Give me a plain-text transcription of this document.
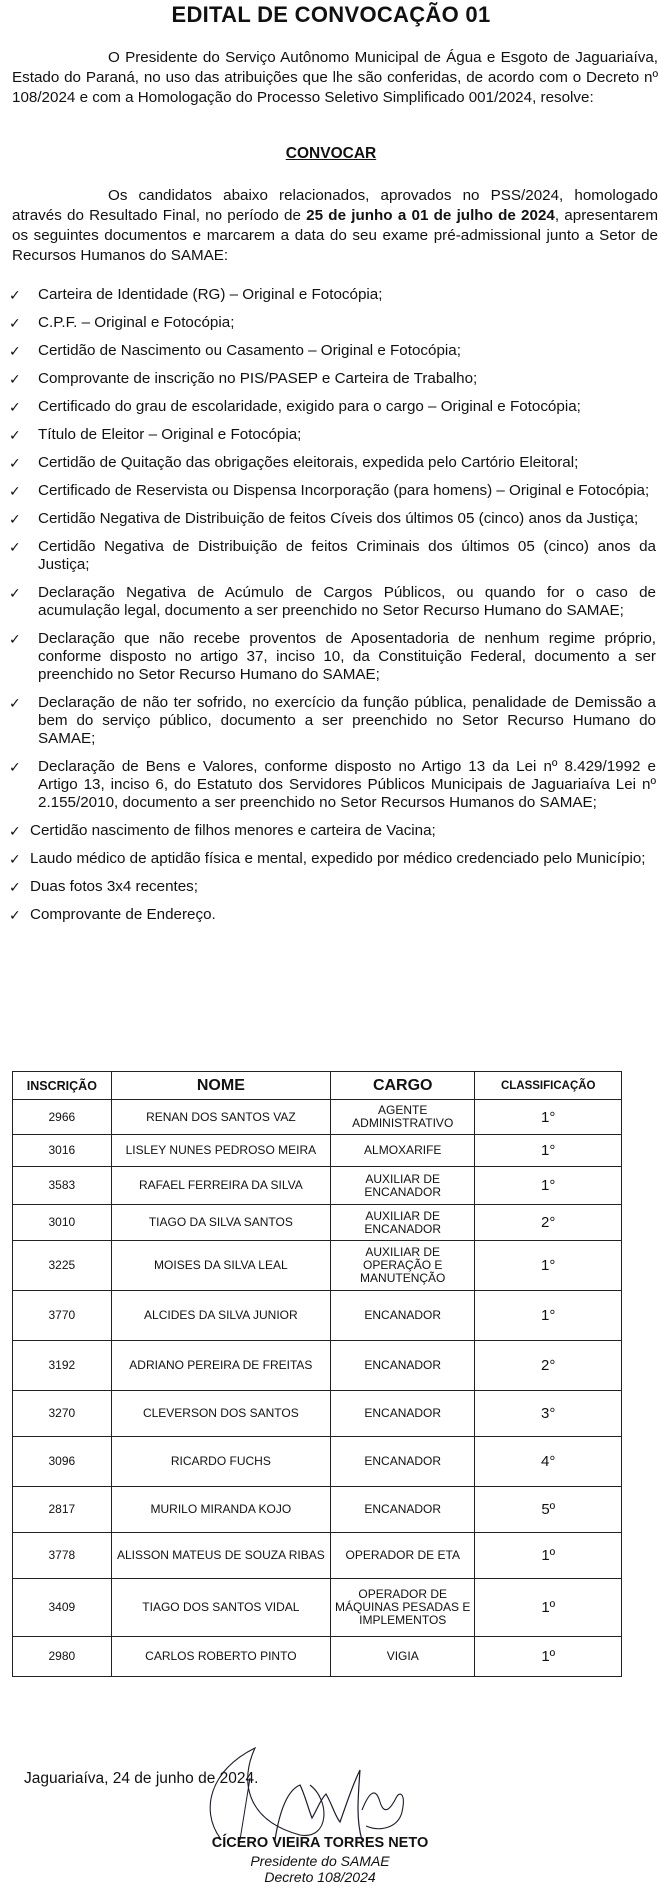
EDITAL DE CONVOCAÇÃO 01
O Presidente do Serviço Autônomo Municipal de Água e Esgoto de Jaguariaíva, Estado do Paraná, no uso das atribuições que lhe são conferidas, de acordo com o Decreto nº 108/2024 e com a Homologação do Processo Seletivo Simplificado 001/2024, resolve:
CONVOCAR
Os candidatos abaixo relacionados, aprovados no PSS/2024, homologado através do Resultado Final, no período de 25 de junho a 01 de julho de 2024, apresentarem os seguintes documentos e marcarem a data do seu exame pré-admissional junto a Setor de Recursos Humanos do SAMAE:
✓ Carteira de Identidade (RG) – Original e Fotocópia;
✓ C.P.F. – Original e Fotocópia;
✓ Certidão de Nascimento ou Casamento – Original e Fotocópia;
✓ Comprovante de inscrição no PIS/PASEP e Carteira de Trabalho;
✓ Certificado do grau de escolaridade, exigido para o cargo – Original e Fotocópia;
✓ Título de Eleitor – Original e Fotocópia;
✓ Certidão de Quitação das obrigações eleitorais, expedida pelo Cartório Eleitoral;
✓ Certificado de Reservista ou Dispensa Incorporação (para homens) – Original e Fotocópia;
✓ Certidão Negativa de Distribuição de feitos Cíveis dos últimos 05 (cinco) anos da Justiça;
✓ Certidão Negativa de Distribuição de feitos Criminais dos últimos 05 (cinco) anos da Justiça;
✓ Declaração Negativa de Acúmulo de Cargos Públicos, ou quando for o caso de acumulação legal, documento a ser preenchido no Setor Recurso Humano do SAMAE;
✓ Declaração que não recebe proventos de Aposentadoria de nenhum regime próprio, conforme disposto no artigo 37, inciso 10, da Constituição Federal, documento a ser preenchido no Setor Recurso Humano do SAMAE;
✓ Declaração de não ter sofrido, no exercício da função pública, penalidade de Demissão a bem do serviço público, documento a ser preenchido no Setor Recurso Humano do SAMAE;
✓ Declaração de Bens e Valores, conforme disposto no Artigo 13 da Lei nº 8.429/1992 e Artigo 13, inciso 6, do Estatuto dos Servidores Públicos Municipais de Jaguariaíva Lei nº 2.155/2010, documento a ser preenchido no Setor Recursos Humanos do SAMAE;
✓ Certidão nascimento de filhos menores e carteira de Vacina;
✓ Laudo médico de aptidão física e mental, expedido por médico credenciado pelo Município;
✓ Duas fotos 3x4 recentes;
✓ Comprovante de Endereço.
INSCRIÇÃO	NOME	CARGO	CLASSIFICAÇÃO
2966	RENAN DOS SANTOS VAZ	AGENTE ADMINISTRATIVO	1°
3016	LISLEY NUNES PEDROSO MEIRA	ALMOXARIFE	1°
3583	RAFAEL FERREIRA DA SILVA	AUXILIAR DE ENCANADOR	1°
3010	TIAGO DA SILVA SANTOS	AUXILIAR DE ENCANADOR	2°
3225	MOISES DA SILVA LEAL	AUXILIAR DE OPERAÇÃO E MANUTENÇÃO	1°
3770	ALCIDES DA SILVA JUNIOR	ENCANADOR	1°
3192	ADRIANO PEREIRA DE FREITAS	ENCANADOR	2°
3270	CLEVERSON DOS SANTOS	ENCANADOR	3°
3096	RICARDO FUCHS	ENCANADOR	4°
2817	MURILO MIRANDA KOJO	ENCANADOR	5º
3778	ALISSON MATEUS DE SOUZA RIBAS	OPERADOR DE ETA	1º
3409	TIAGO DOS SANTOS VIDAL	OPERADOR DE MÁQUINAS PESADAS E IMPLEMENTOS	1º
2980	CARLOS ROBERTO PINTO	VIGIA	1º
Jaguariaíva, 24 de junho de 2024.
CÍCERO VIEIRA TORRES NETO
Presidente do SAMAE
Decreto 108/2024
